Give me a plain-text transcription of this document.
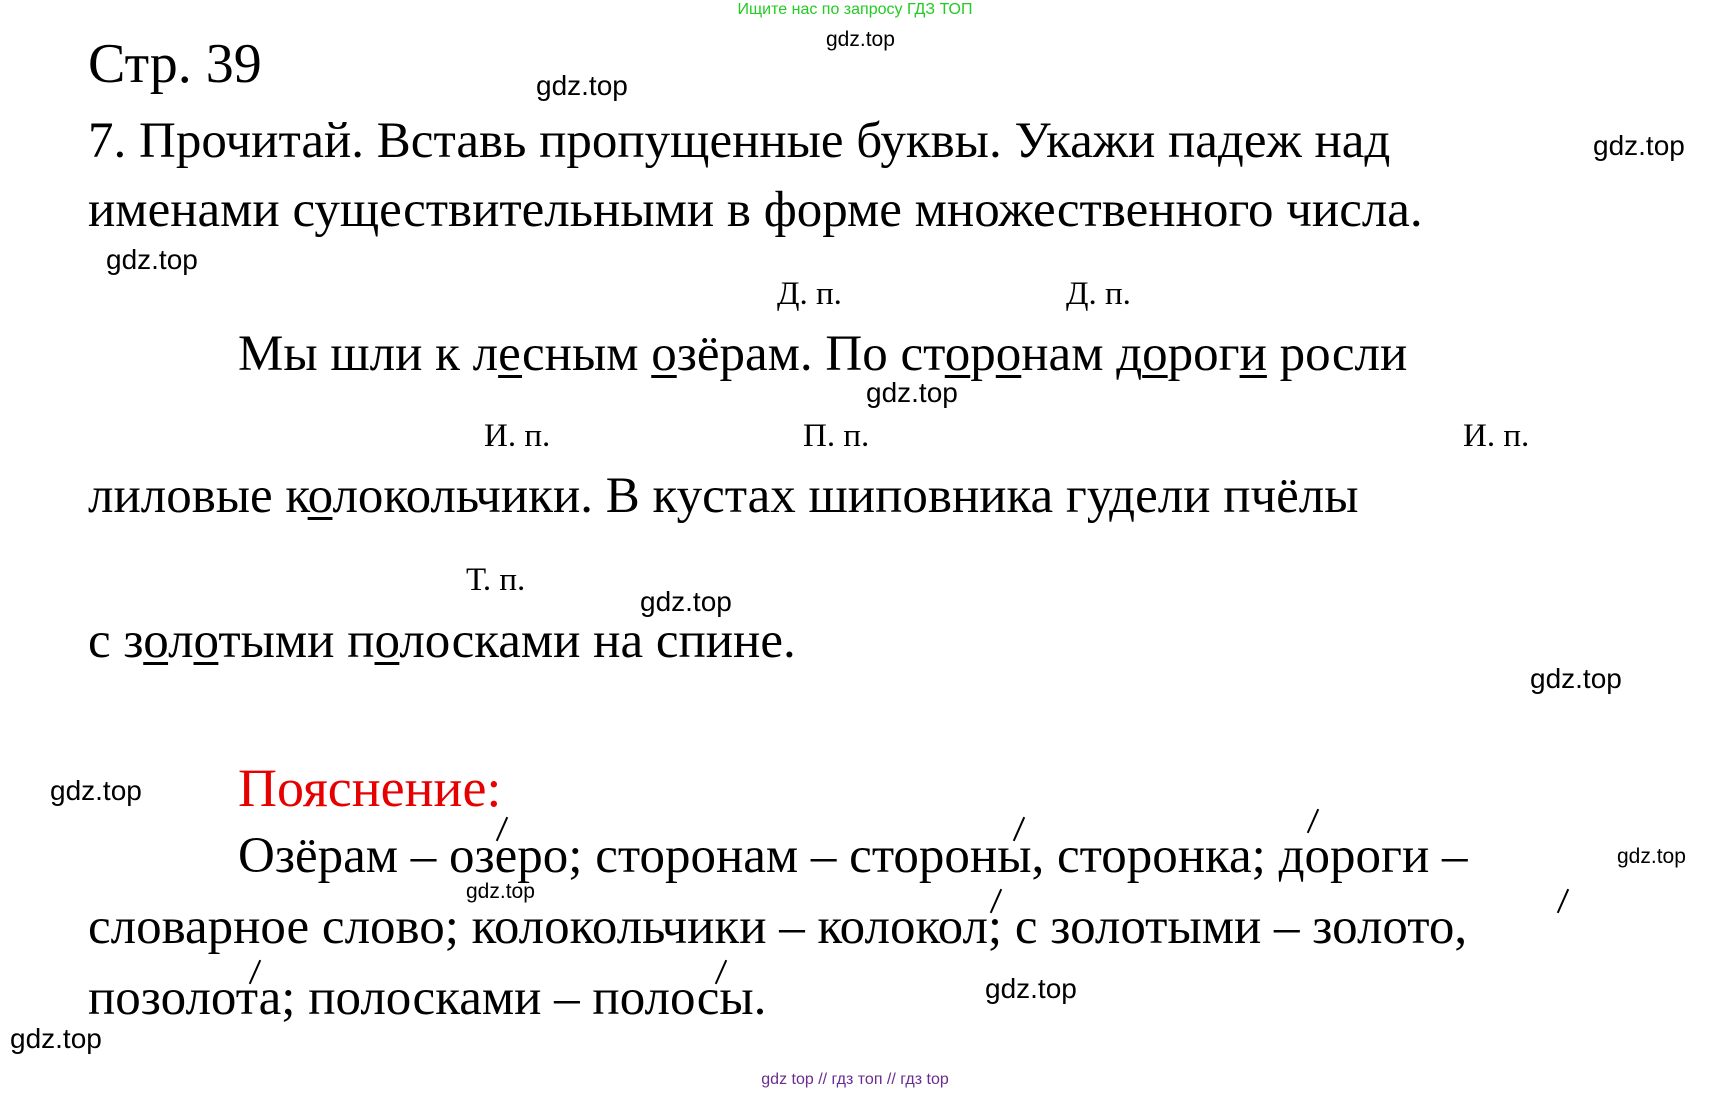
Ищите нас по запросу ГДЗ ТОП
gdz.top
gdz.top
gdz.top
gdz.top
gdz.top
gdz.top
gdz.top
gdz.top
gdz.top
gdz.top
gdz.top
gdz.top
Стр. 39
7. Прочитай. Вставь пропущенные буквы. Укажи падеж над
именами существительными в форме множественного числа.
Д. п.	Д. п.
Мы шли к лесным озёрам. По сторонам дороги росли
И. п.	П. п.	И. п.
лиловые колокольчики. В кустах шиповника гудели пчёлы
Т. п.
с золотыми полосками на спине.
Пояснение:
Озёрам – озеро; сторонам – стороны, сторонка; дороги –
словарное слово; колокольчики – колокол; с золотыми – золото,
позолота; полосками – полосы.
gdz top // гдз топ // гдз top
